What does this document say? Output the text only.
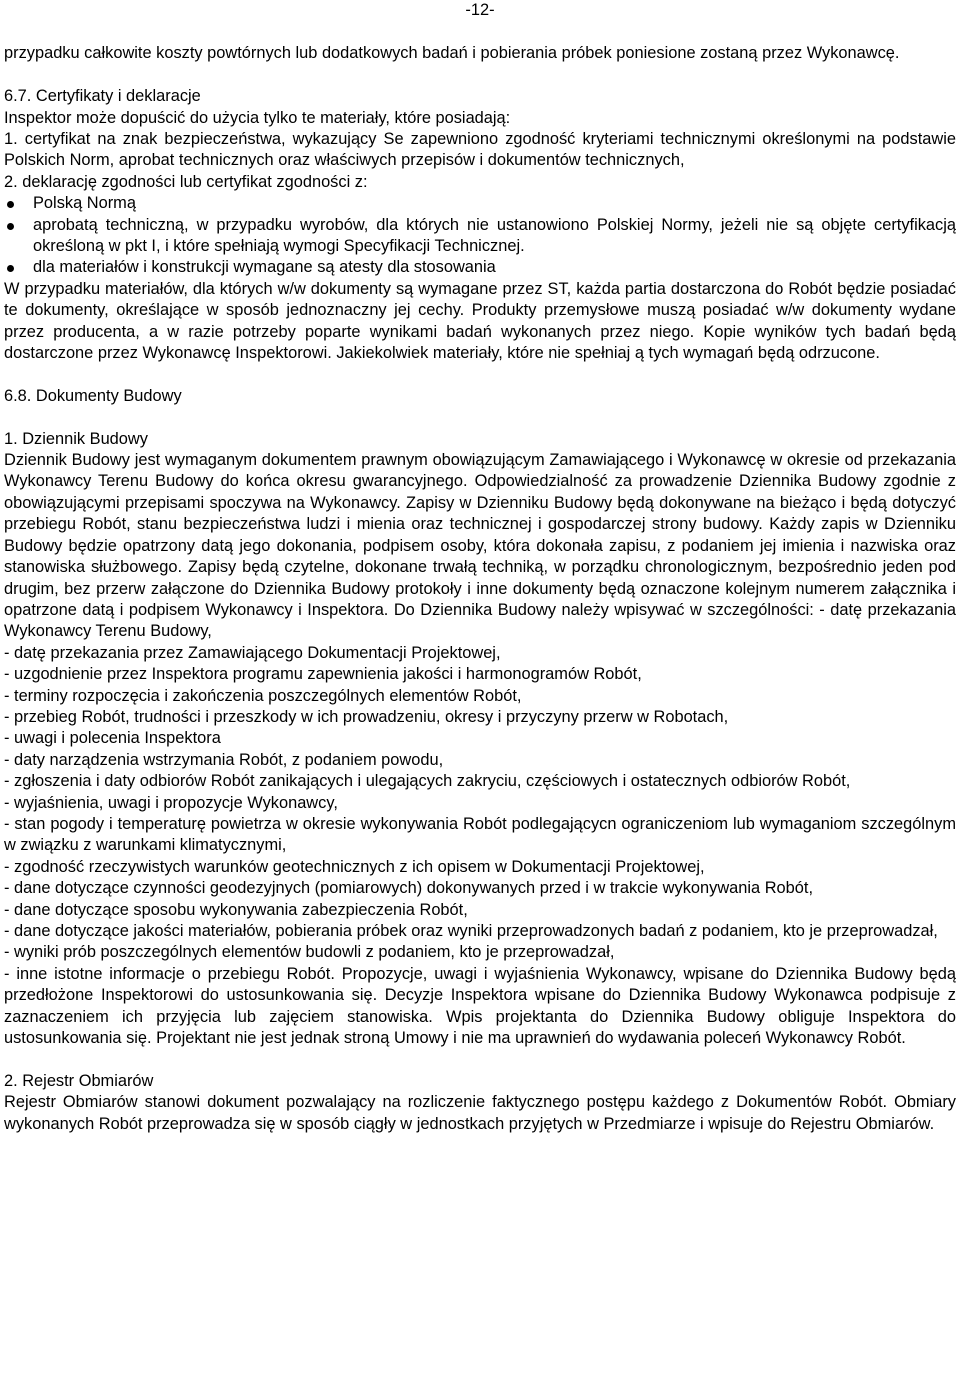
-12-

przypadku całkowite koszty powtórnych lub dodatkowych badań i pobierania próbek poniesione zostaną przez Wykonawcę.

6.7. Certyfikaty i deklaracje

Inspektor może dopuścić do użycia tylko te materiały, które posiadają:

1. certyfikat na znak bezpieczeństwa, wykazujący Se zapewniono zgodność kryteriami technicznymi określonymi na podstawie Polskich Norm, aprobat technicznych oraz właściwych przepisów i dokumentów technicznych,

2. deklarację zgodności lub certyfikat zgodności z:

Polską Normą
aprobatą techniczną, w przypadku wyrobów, dla których nie ustanowiono Polskiej Normy, jeżeli nie są objęte certyfikacją określoną w pkt I, i które spełniają wymogi Specyfikacji Technicznej.
dla materiałów i konstrukcji wymagane są atesty dla stosowania

W przypadku materiałów, dla których w/w dokumenty są wymagane przez ST, każda partia dostarczona do Robót będzie posiadać te dokumenty, określające w sposób jednoznaczny jej cechy. Produkty przemysłowe muszą posiadać w/w dokumenty wydane przez producenta, a w razie potrzeby poparte wynikami badań wykonanych przez niego. Kopie wyników tych badań będą dostarczone przez Wykonawcę Inspektorowi. Jakiekolwiek materiały, które nie spełniaj ą tych wymagań będą odrzucone.

6.8. Dokumenty Budowy

1. Dziennik Budowy

Dziennik Budowy jest wymaganym dokumentem prawnym obowiązującym Zamawiającego i Wykonawcę w okresie od przekazania Wykonawcy Terenu Budowy do końca okresu gwarancyjnego. Odpowiedzialność za prowadzenie Dziennika Budowy zgodnie z obowiązującymi przepisami spoczywa na Wykonawcy. Zapisy w Dzienniku Budowy będą dokonywane na bieżąco i będą dotyczyć przebiegu Robót, stanu bezpieczeństwa ludzi i mienia oraz technicznej i gospodarczej strony budowy. Każdy zapis w Dzienniku Budowy będzie opatrzony datą jego dokonania, podpisem osoby, która dokonała zapisu, z podaniem jej imienia i nazwiska oraz stanowiska służbowego. Zapisy będą czytelne, dokonane trwałą techniką, w porządku chronologicznym, bezpośrednio jeden pod drugim, bez przerw załączone do Dziennika Budowy protokoły i inne dokumenty będą oznaczone kolejnym numerem załącznika i opatrzone datą i podpisem Wykonawcy i Inspektora. Do Dziennika Budowy należy wpisywać w szczególności: - datę przekazania Wykonawcy Terenu Budowy,

- datę przekazania przez Zamawiającego Dokumentacji Projektowej,

- uzgodnienie przez Inspektora programu zapewnienia jakości i harmonogramów Robót,

- terminy rozpoczęcia i zakończenia poszczególnych elementów Robót,

- przebieg Robót, trudności i przeszkody w ich prowadzeniu, okresy i przyczyny przerw w Robotach,

- uwagi i polecenia Inspektora

- daty narządzenia wstrzymania Robót, z podaniem powodu,

- zgłoszenia i daty odbiorów Robót zanikających i ulegających zakryciu, częściowych i ostatecznych odbiorów Robót,

- wyjaśnienia, uwagi i propozycje Wykonawcy,

- stan pogody i temperaturę powietrza w okresie wykonywania Robót podlegającycn ograniczeniom lub wymaganiom szczególnym w związku z warunkami klimatycznymi,

- zgodność rzeczywistych warunków geotechnicznych z ich opisem w Dokumentacji Projektowej,

- dane dotyczące czynności geodezyjnych (pomiarowych) dokonywanych przed i w trakcie wykonywania Robót,

- dane dotyczące sposobu wykonywania zabezpieczenia Robót,

- dane dotyczące jakości materiałów, pobierania próbek oraz wyniki przeprowadzonych badań z podaniem, kto je przeprowadzał,

- wyniki prób poszczególnych elementów budowli z podaniem, kto je przeprowadzał,

- inne istotne informacje o przebiegu Robót. Propozycje, uwagi i wyjaśnienia Wykonawcy, wpisane do Dziennika Budowy będą przedłożone Inspektorowi do ustosunkowania się. Decyzje Inspektora wpisane do Dziennika Budowy Wykonawca podpisuje z zaznaczeniem ich przyjęcia lub zajęciem stanowiska. Wpis projektanta do Dziennika Budowy obliguje Inspektora do ustosunkowania się. Projektant nie jest jednak stroną Umowy i nie ma uprawnień do wydawania poleceń Wykonawcy Robót.

2. Rejestr Obmiarów

Rejestr Obmiarów stanowi dokument pozwalający na rozliczenie faktycznego postępu każdego z Dokumentów Robót. Obmiary wykonanych Robót przeprowadza się w sposób ciągły w jednostkach przyjętych w Przedmiarze i wpisuje do Rejestru Obmiarów.
